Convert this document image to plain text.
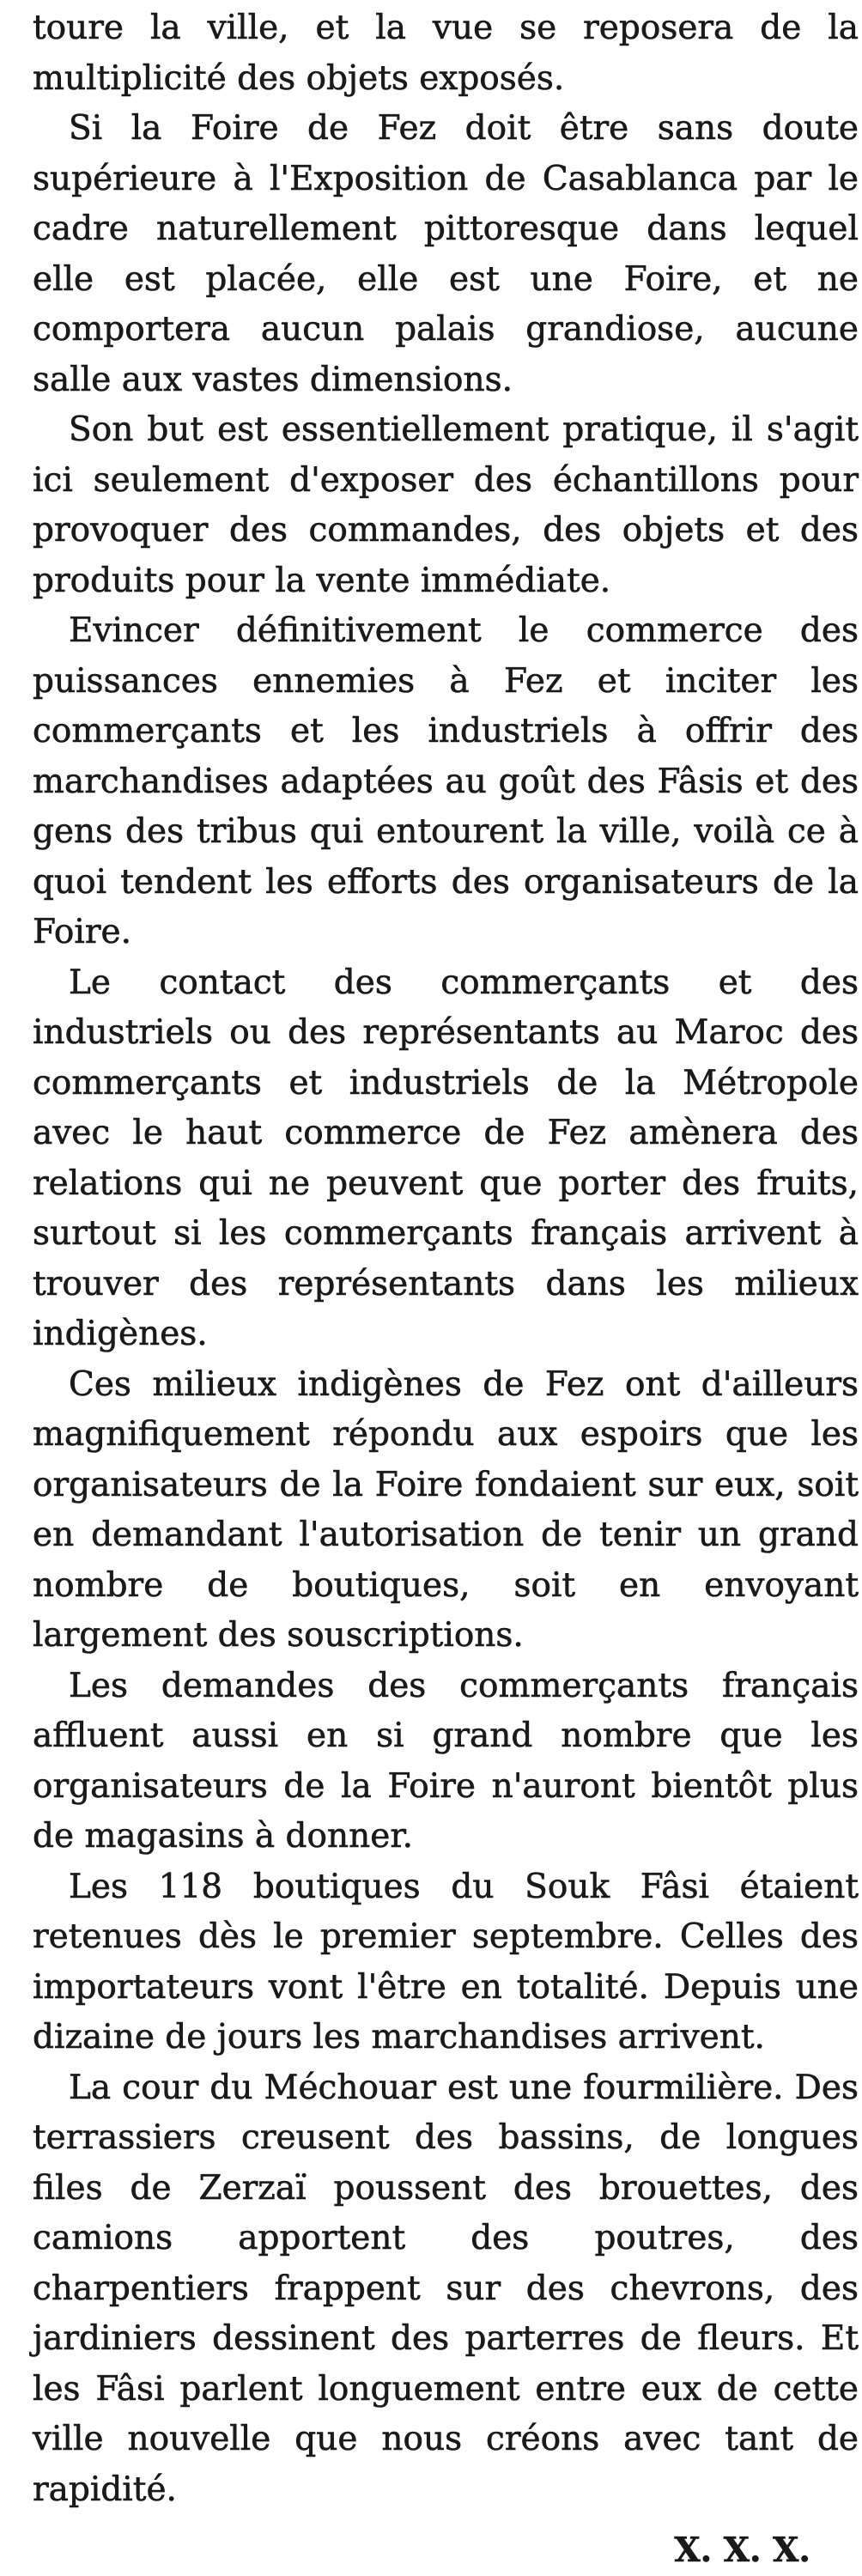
toure la ville, et la vue se reposera de la multiplicité des objets exposés.

Si la Foire de Fez doit être sans doute supérieure à l'Exposition de Casablanca par le cadre naturellement pittoresque dans lequel elle est placée, elle est une Foire, et ne comportera aucun palais grandiose, aucune salle aux vastes dimensions.

Son but est essentiellement pratique, il s'agit ici seulement d'exposer des échantillons pour provoquer des commandes, des objets et des produits pour la vente immédiate.

Evincer définitivement le commerce des puissances ennemies à Fez et inciter les commerçants et les industriels à offrir des marchandises adaptées au goût des Fâsis et des gens des tribus qui entourent la ville, voilà ce à quoi tendent les efforts des organisateurs de la Foire.

Le contact des commerçants et des industriels ou des représentants au Maroc des commerçants et industriels de la Métropole avec le haut commerce de Fez amènera des relations qui ne peuvent que porter des fruits, surtout si les commerçants français arrivent à trouver des représentants dans les milieux indigènes.

Ces milieux indigènes de Fez ont d'ailleurs magnifiquement répondu aux espoirs que les organisateurs de la Foire fondaient sur eux, soit en demandant l'autorisation de tenir un grand nombre de boutiques, soit en envoyant largement des souscriptions.

Les demandes des commerçants français affluent aussi en si grand nombre que les organisateurs de la Foire n'auront bientôt plus de magasins à donner.

Les 118 boutiques du Souk Fâsi étaient retenues dès le premier septembre. Celles des importateurs vont l'être en totalité. Depuis une dizaine de jours les marchandises arrivent.

La cour du Méchouar est une fourmilière. Des terrassiers creusent des bassins, de longues files de Zerzaï poussent des brouettes, des camions apportent des poutres, des charpentiers frappent sur des chevrons, des jardiniers dessinent des parterres de fleurs. Et les Fâsi parlent longuement entre eux de cette ville nouvelle que nous créons avec tant de rapidité.

X. X. X.
